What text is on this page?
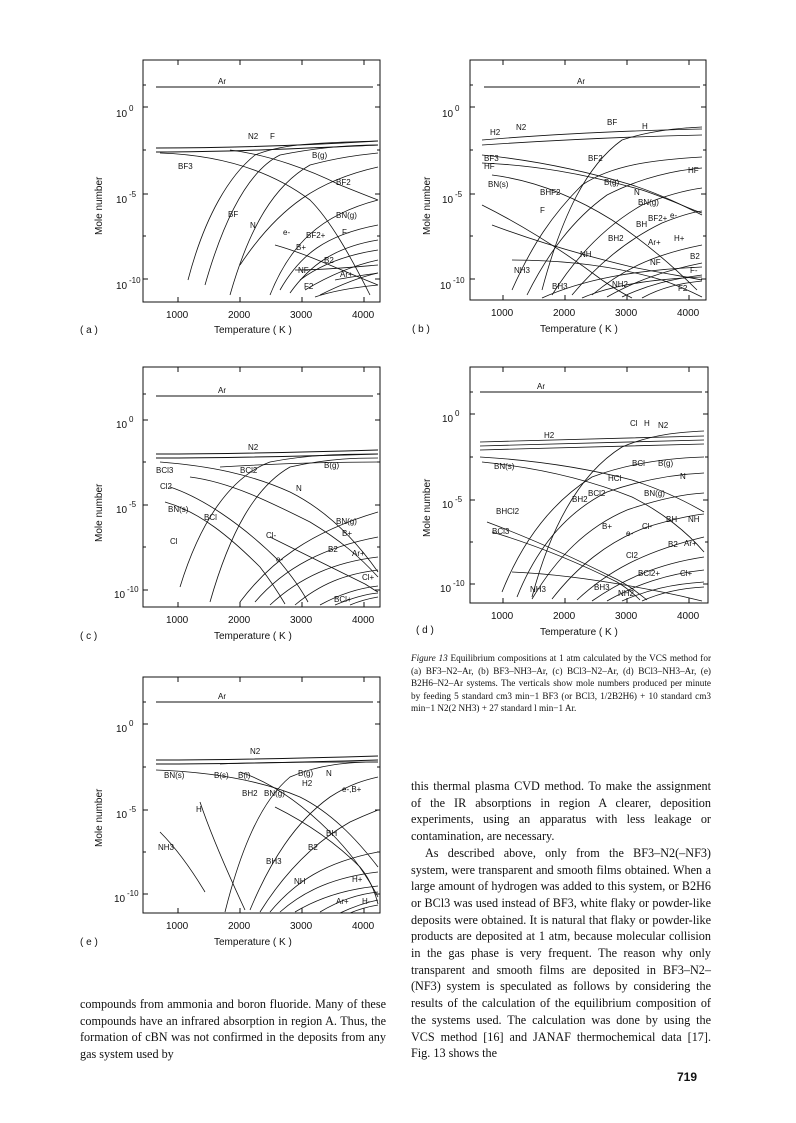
Ar
N2 F
BF3
B(g)
BF2
BF
N
BN(g)
e- BF2+ F-
B+
B2
NF	Ar+
F2
10
0
10
-5
10
-10
1000	2000	3000	4000
Temperature ( K )
( a )
Mole number
Ar
H2
N2
BF	H
BF3
HF
BF2
HF
BN(s)
BHF2
B(g)
N
BN(g)
F
BF2+ e-
BH
BH2	Ar+ H+
NH
NF
B2
F-
NH3
BH3	NH2	F2
10
0
10
-5
10
-10
1000	2000	3000	4000
Temperature ( K )
( b )
Mole number
Ar
N2
BCl3	BCl2
B(g)
Cl2	N
BN(s)
BCl	BN(g)
Cl
Cl-	B+
B2 Ar+
e-
Cl+
BCl+
10
0
10
-5
10
-10
1000	2000	3000	4000
Temperature ( K )
( c )
Mole number
Ar
Cl H N2
H2
BN(s)	BCl B(g)
HCl	N
BH2
BCl2	BN(g)
BHCl2
BH NH
BCl3
B+	Cl-
e-
B2 Ar+
Cl2
BCl2+ Cl+
NH3	BH3
NH2
10
0
10
-5
10
-10
1000	2000	3000	4000
Temperature ( K )
( d )
Mole number
Ar
N2
BN(s)	B(s) B(l)	B(g) N
H2
BH2 BN(g)	e-,B+
H
BH
B2
NH3
BH3
NH	H+
Ar+ H-
10
0
10
-5
10
-10
1000	2000	3000	4000
Temperature ( K )
( e )
Mole number
Figure 13 Equilibrium compositions at 1 atm calculated by the VCS method for (a) BF3–N2–Ar, (b) BF3–NH3–Ar, (c) BCl3–N2–Ar, (d) BCl3–NH3–Ar, (e) B2H6–N2–Ar systems. The verticals show mole numbers produced per minute by feeding 5 standard cm3 min−1 BF3 (or BCl3, 1/2B2H6) + 10 standard cm3 min−1 N2(2 NH3) + 27 standard l min−1 Ar.

compounds from ammonia and boron fluoride. Many of these compounds have an infrared absorption in region A. Thus, the formation of cBN was not confirmed in the deposits from any gas system used by

this thermal plasma CVD method. To make the assignment of the IR absorptions in region A clearer, deposition experiments, using an apparatus with less leakage or contamination, are necessary.

As described above, only from the BF3–N2(–NF3) system, were transparent and smooth films obtained. When a large amount of hydrogen was added to this system, or B2H6 or BCl3 was used instead of BF3, white flaky or powder-like deposits were obtained. It is natural that flaky or powder-like products are deposited at 1 atm, because molecular collision in the gas phase is very frequent. The reason why only transparent and smooth films are deposited in BF3–N2–(NF3) system is speculated as follows by considering the results of the calculation of the equilibrium composition of the systems used. The calculation was done by using the VCS method [16] and JANAF thermochemical data [17]. Fig. 13 shows the

719
